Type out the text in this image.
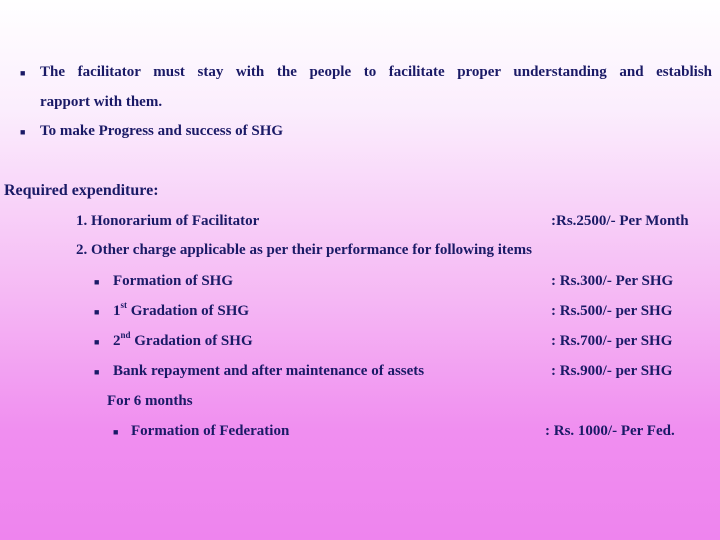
■ The facilitator must stay with the people to facilitate proper understanding and establish
rapport with them.
■ To make Progress and success of SHG
Required expenditure:
1. Honorarium of Facilitator	:Rs.2500/- Per Month
2. Other charge applicable as per their performance for following items
■ Formation of SHG	: Rs.300/- Per SHG
■ 1st Gradation of SHG	: Rs.500/- per SHG
■ 2nd Gradation of SHG	: Rs.700/- per SHG
■ Bank repayment and after maintenance of assets	: Rs.900/- per SHG
For 6 months
■ Formation of Federation	: Rs. 1000/- Per Fed.
